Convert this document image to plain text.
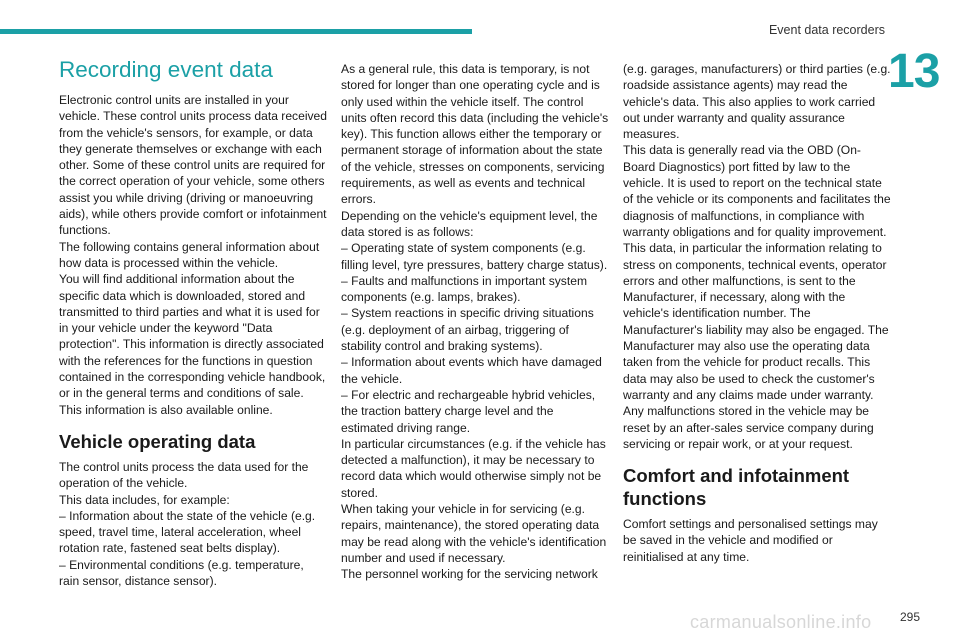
Event data recorders
13
Recording event data

Electronic control units are installed in your vehicle. These control units process data received from the vehicle's sensors, for example, or data they generate themselves or exchange with each other. Some of these control units are required for the correct operation of your vehicle, some others assist you while driving (driving or manoeuvring aids), while others provide comfort or infotainment functions.

The following contains general information about how data is processed within the vehicle.

You will find additional information about the specific data which is downloaded, stored and transmitted to third parties and what it is used for in your vehicle under the keyword "Data protection". This information is directly associated with the references for the functions in question contained in the corresponding vehicle handbook, or in the general terms and conditions of sale.

This information is also available online.

Vehicle operating data

The control units process the data used for the operation of the vehicle.

This data includes, for example:

– Information about the state of the vehicle (e.g. speed, travel time, lateral acceleration, wheel rotation rate, fastened seat belts display).

– Environmental conditions (e.g. temperature, rain sensor, distance sensor).

As a general rule, this data is temporary, is not stored for longer than one operating cycle and is only used within the vehicle itself. The control units often record this data (including the vehicle's key). This function allows either the temporary or permanent storage of information about the state of the vehicle, stresses on components, servicing requirements, as well as events and technical errors.

Depending on the vehicle's equipment level, the data stored is as follows:

– Operating state of system components (e.g. filling level, tyre pressures, battery charge status).

– Faults and malfunctions in important system components (e.g. lamps, brakes).

– System reactions in specific driving situations (e.g. deployment of an airbag, triggering of stability control and braking systems).

– Information about events which have damaged the vehicle.

– For electric and rechargeable hybrid vehicles, the traction battery charge level and the estimated driving range.

In particular circumstances (e.g. if the vehicle has detected a malfunction), it may be necessary to record data which would otherwise simply not be stored.

When taking your vehicle in for servicing (e.g. repairs, maintenance), the stored operating data may be read along with the vehicle's identification number and used if necessary.

The personnel working for the servicing network

(e.g. garages, manufacturers) or third parties (e.g. roadside assistance agents) may read the vehicle's data. This also applies to work carried out under warranty and quality assurance measures.

This data is generally read via the OBD (On-Board Diagnostics) port fitted by law to the vehicle. It is used to report on the technical state of the vehicle or its components and facilitates the diagnosis of malfunctions, in compliance with warranty obligations and for quality improvement. This data, in particular the information relating to stress on components, technical events, operator errors and other malfunctions, is sent to the Manufacturer, if necessary, along with the vehicle's identification number. The Manufacturer's liability may also be engaged. The Manufacturer may also use the operating data taken from the vehicle for product recalls. This data may also be used to check the customer's warranty and any claims made under warranty.

Any malfunctions stored in the vehicle may be reset by an after-sales service company during servicing or repair work, or at your request.

Comfort and infotainment functions

Comfort settings and personalised settings may be saved in the vehicle and modified or reinitialised at any time.

carmanualsonline.info 295
